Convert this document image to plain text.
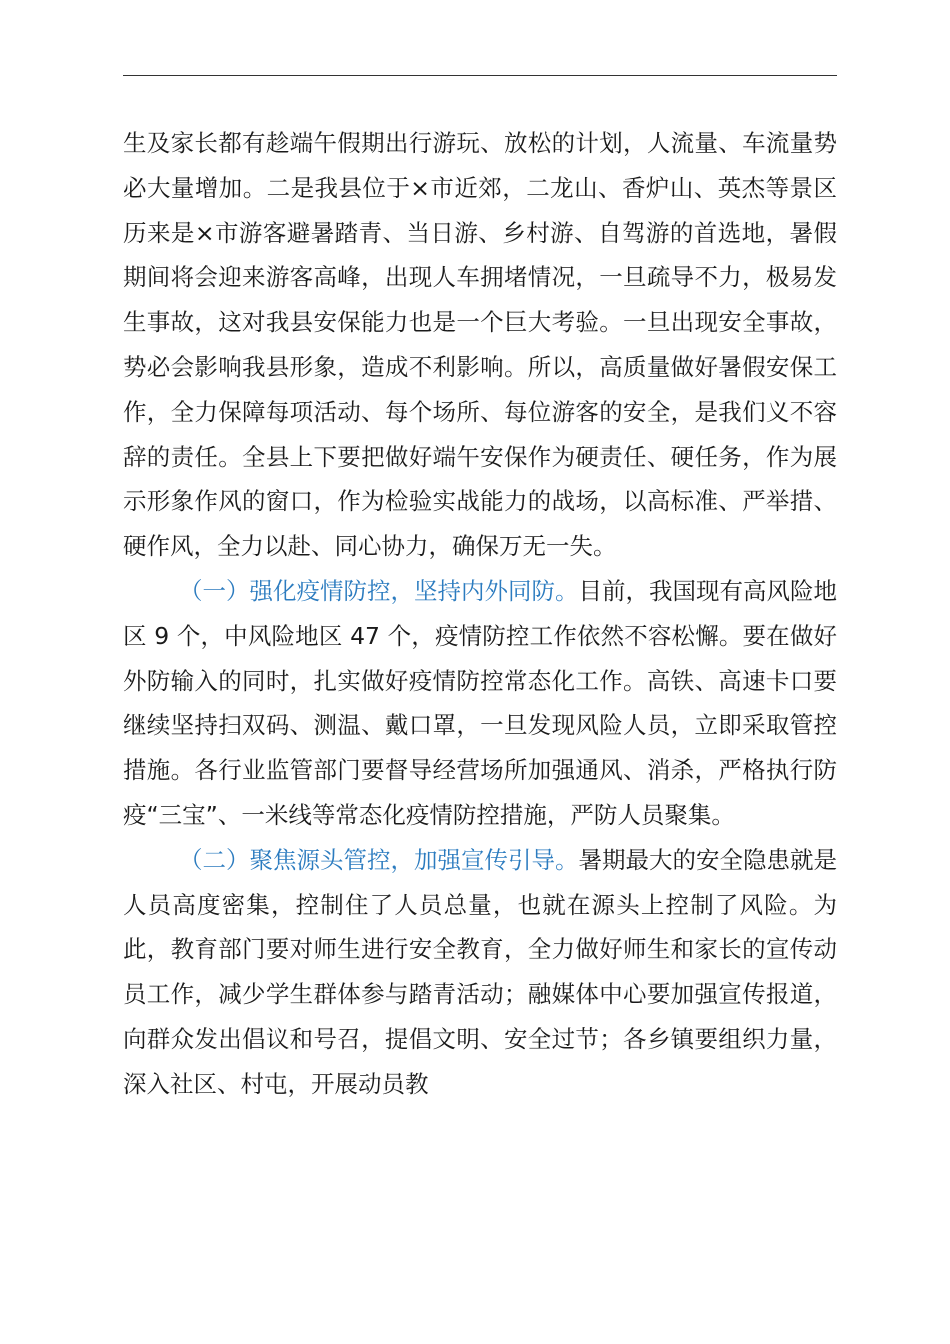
生及家长都有趁端午假期出行游玩、放松的计划，人流量、车流量势必大量增加。二是我县位于×市近郊，二龙山、香炉山、英杰等景区历来是×市游客避暑踏青、当日游、乡村游、自驾游的首选地，暑假期间将会迎来游客高峰，出现人车拥堵情况，一旦疏导不力，极易发生事故，这对我县安保能力也是一个巨大考验。一旦出现安全事故，势必会影响我县形象，造成不利影响。所以，高质量做好暑假安保工作，全力保障每项活动、每个场所、每位游客的安全，是我们义不容辞的责任。全县上下要把做好端午安保作为硬责任、硬任务，作为展示形象作风的窗口，作为检验实战能力的战场，以高标准、严举措、硬作风，全力以赴、同心协力，确保万无一失。

（一）强化疫情防控，坚持内外同防。目前，我国现有高风险地区 9 个，中风险地区 47 个，疫情防控工作依然不容松懈。要在做好外防输入的同时，扎实做好疫情防控常态化工作。高铁、高速卡口要继续坚持扫双码、测温、戴口罩，一旦发现风险人员，立即采取管控措施。各行业监管部门要督导经营场所加强通风、消杀，严格执行防疫“三宝”、一米线等常态化疫情防控措施，严防人员聚集。

（二）聚焦源头管控，加强宣传引导。暑期最大的安全隐患就是人员高度密集，控制住了人员总量，也就在源头上控制了风险。为此，教育部门要对师生进行安全教育，全力做好师生和家长的宣传动员工作，减少学生群体参与踏青活动；融媒体中心要加强宣传报道，向群众发出倡议和号召，提倡文明、安全过节；各乡镇要组织力量，深入社区、村屯，开展动员教
